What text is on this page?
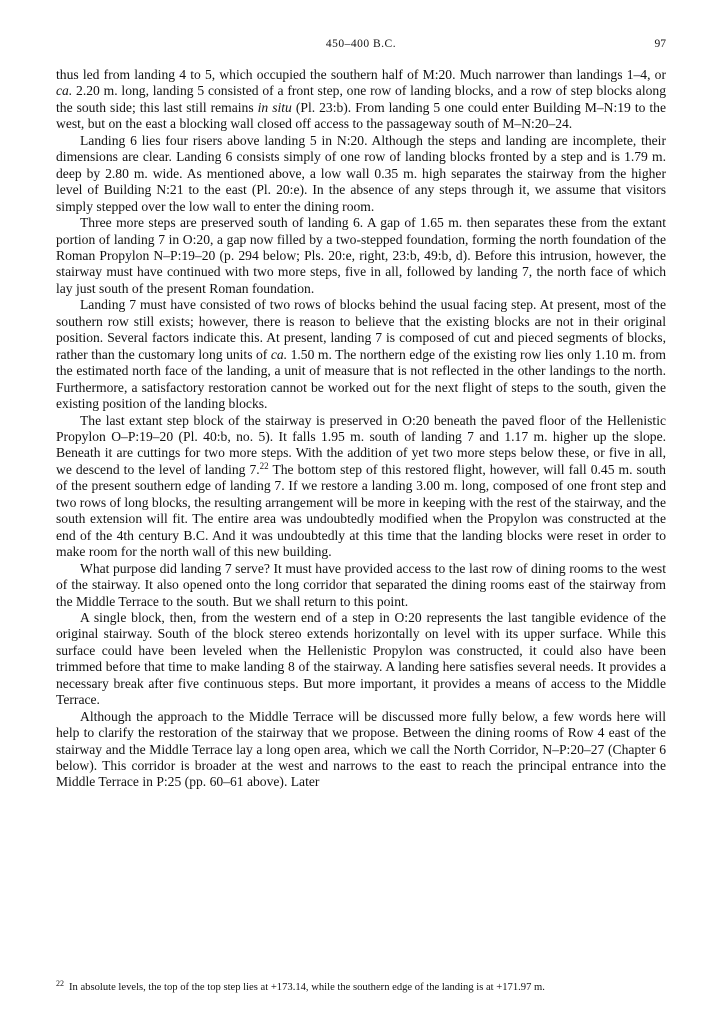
450–400 B.C.	97

thus led from landing 4 to 5, which occupied the southern half of M:20. Much narrower than landings 1–4, or ca. 2.20 m. long, landing 5 consisted of a front step, one row of landing blocks, and a row of step blocks along the south side; this last still remains in situ (Pl. 23:b). From landing 5 one could enter Building M–N:19 to the west, but on the east a blocking wall closed off access to the passageway south of M–N:20–24.

Landing 6 lies four risers above landing 5 in N:20. Although the steps and landing are incomplete, their dimensions are clear. Landing 6 consists simply of one row of landing blocks fronted by a step and is 1.79 m. deep by 2.80 m. wide. As mentioned above, a low wall 0.35 m. high separates the stairway from the higher level of Building N:21 to the east (Pl. 20:e). In the absence of any steps through it, we assume that visitors simply stepped over the low wall to enter the dining room.

Three more steps are preserved south of landing 6. A gap of 1.65 m. then separates these from the extant portion of landing 7 in O:20, a gap now filled by a two-stepped foundation, forming the north foundation of the Roman Propylon N–P:19–20 (p. 294 below; Pls. 20:e, right, 23:b, 49:b, d). Before this intrusion, however, the stairway must have continued with two more steps, five in all, followed by landing 7, the north face of which lay just south of the present Roman foundation.

Landing 7 must have consisted of two rows of blocks behind the usual facing step. At present, most of the southern row still exists; however, there is reason to believe that the existing blocks are not in their original position. Several factors indicate this. At present, landing 7 is composed of cut and pieced segments of blocks, rather than the customary long units of ca. 1.50 m. The northern edge of the existing row lies only 1.10 m. from the estimated north face of the landing, a unit of measure that is not reflected in the other landings to the north. Furthermore, a satisfactory restoration cannot be worked out for the next flight of steps to the south, given the existing position of the landing blocks.

The last extant step block of the stairway is preserved in O:20 beneath the paved floor of the Hellenistic Propylon O–P:19–20 (Pl. 40:b, no. 5). It falls 1.95 m. south of landing 7 and 1.17 m. higher up the slope. Beneath it are cuttings for two more steps. With the addition of yet two more steps below these, or five in all, we descend to the level of landing 7.22 The bottom step of this restored flight, however, will fall 0.45 m. south of the present southern edge of landing 7. If we restore a landing 3.00 m. long, composed of one front step and two rows of long blocks, the resulting arrangement will be more in keeping with the rest of the stairway, and the south extension will fit. The entire area was undoubtedly modified when the Propylon was constructed at the end of the 4th century B.C. And it was undoubtedly at this time that the landing blocks were reset in order to make room for the north wall of this new building.

What purpose did landing 7 serve? It must have provided access to the last row of dining rooms to the west of the stairway. It also opened onto the long corridor that separated the dining rooms east of the stairway from the Middle Terrace to the south. But we shall return to this point.

A single block, then, from the western end of a step in O:20 represents the last tangible evidence of the original stairway. South of the block stereo extends horizontally on level with its upper surface. While this surface could have been leveled when the Hellenistic Propylon was constructed, it could also have been trimmed before that time to make landing 8 of the stairway. A landing here satisfies several needs. It provides a necessary break after five continuous steps. But more important, it provides a means of access to the Middle Terrace.

Although the approach to the Middle Terrace will be discussed more fully below, a few words here will help to clarify the restoration of the stairway that we propose. Between the dining rooms of Row 4 east of the stairway and the Middle Terrace lay a long open area, which we call the North Corridor, N–P:20–27 (Chapter 6 below). This corridor is broader at the west and narrows to the east to reach the principal entrance into the Middle Terrace in P:25 (pp. 60–61 above). Later

$^{22}$ In absolute levels, the top of the top step lies at +173.14, while the southern edge of the landing is at +171.97 m.
